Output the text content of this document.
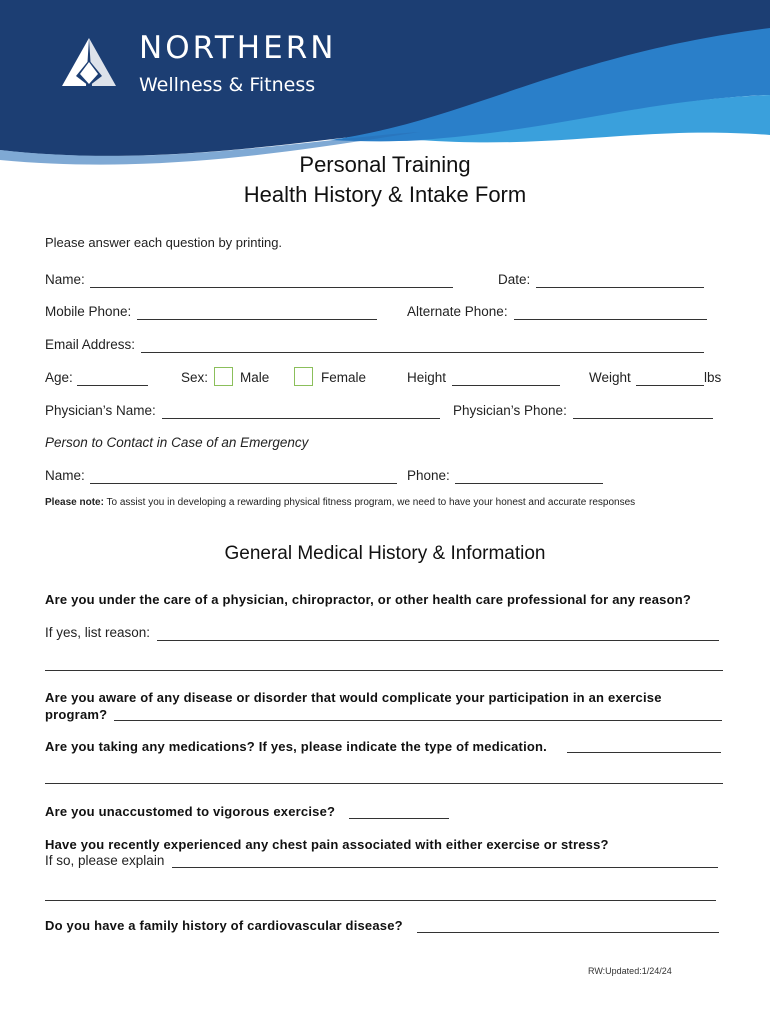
NORTHERN
Wellness & Fitness
Personal Training
Health History & Intake Form
Please answer each question by printing.
Name:	Date:
Mobile Phone:	Alternate Phone:
Email Address:
Age:	Sex: Male	Female	Height	Weight	lbs
Physician’s Name:	Physician’s Phone:
Person to Contact in Case of an Emergency
Name:	Phone:
Please note: To assist you in developing a rewarding physical fitness program, we need to have your honest and accurate responses
General Medical History & Information
Are you under the care of a physician, chiropractor, or other health care professional for any reason?
If yes, list reason:
Are you aware of any disease or disorder that would complicate your participation in an exercise
program?
Are you taking any medications? If yes, please indicate the type of medication.
Are you unaccustomed to vigorous exercise?
Have you recently experienced any chest pain associated with either exercise or stress?
If so, please explain
Do you have a family history of cardiovascular disease?
RW:Updated:1/24/24
